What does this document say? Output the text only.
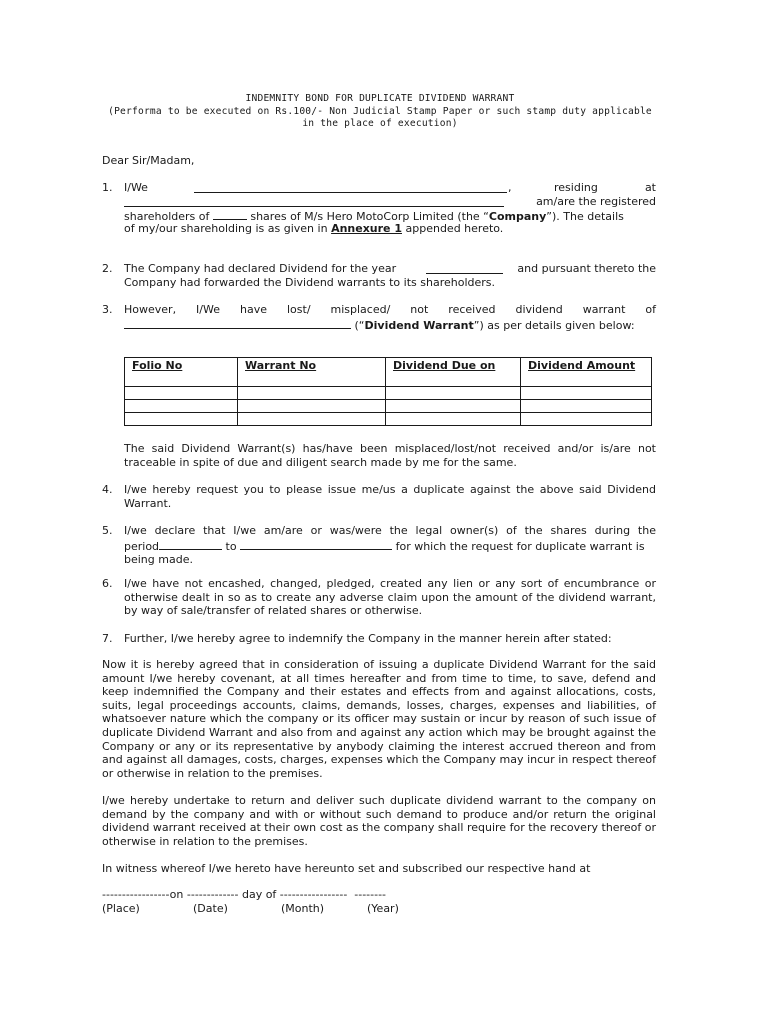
INDEMNITY BOND FOR DUPLICATE DIVIDEND WARRANT
(Performa to be executed on Rs.100/- Non Judicial Stamp Paper or such stamp duty applicable
in the place of execution)
Dear Sir/Madam,
1. I/We	,	residing	at
am/are the registered
shareholders of	shares of M/s Hero MotoCorp Limited (the “Company”). The details
of my/our shareholding is as given in Annexure 1 appended hereto.
2. The Company had declared Dividend for the year	and pursuant thereto the
Company had forwarded the Dividend warrants to its shareholders.
3. However, I/We have lost/ misplaced/ not received dividend warrant of
(“Dividend Warrant”) as per details given below:
Folio No	Warrant No	Dividend Due on	Dividend Amount

The said Dividend Warrant(s) has/have been misplaced/lost/not received and/or is/are not traceable in spite of due and diligent search made by me for the same.
4. I/we hereby request you to please issue me/us a duplicate against the above said Dividend Warrant.
5. I/we declare that I/we am/are or was/were the legal owner(s) of the shares during the
period	to	for which the request for duplicate warrant is
being made.
6. I/we have not encashed, changed, pledged, created any lien or any sort of encumbrance or otherwise dealt in so as to create any adverse claim upon the amount of the dividend warrant, by way of sale/transfer of related shares or otherwise.
7. Further, I/we hereby agree to indemnify the Company in the manner herein after stated:
Now it is hereby agreed that in consideration of issuing a duplicate Dividend Warrant for the said amount I/we hereby covenant, at all times hereafter and from time to time, to save, defend and keep indemnified the Company and their estates and effects from and against allocations, costs, suits, legal proceedings accounts, claims, demands, losses, charges, expenses and liabilities, of whatsoever nature which the company or its officer may sustain or incur by reason of such issue of duplicate Dividend Warrant and also from and against any action which may be brought against the Company or any or its representative by anybody claiming the interest accrued thereon and from and against all damages, costs, charges, expenses which the Company may incur in respect thereof or otherwise in relation to the premises.
I/we hereby undertake to return and deliver such duplicate dividend warrant to the company on demand by the company and with or without such demand to produce and/or return the original dividend warrant received at their own cost as the company shall require for the recovery thereof or otherwise in relation to the premises.
In witness whereof I/we hereto have hereunto set and subscribed our respective hand at
-----------------on ------------- day of -----------------  --------
(Place)	(Date)	(Month)	(Year)
